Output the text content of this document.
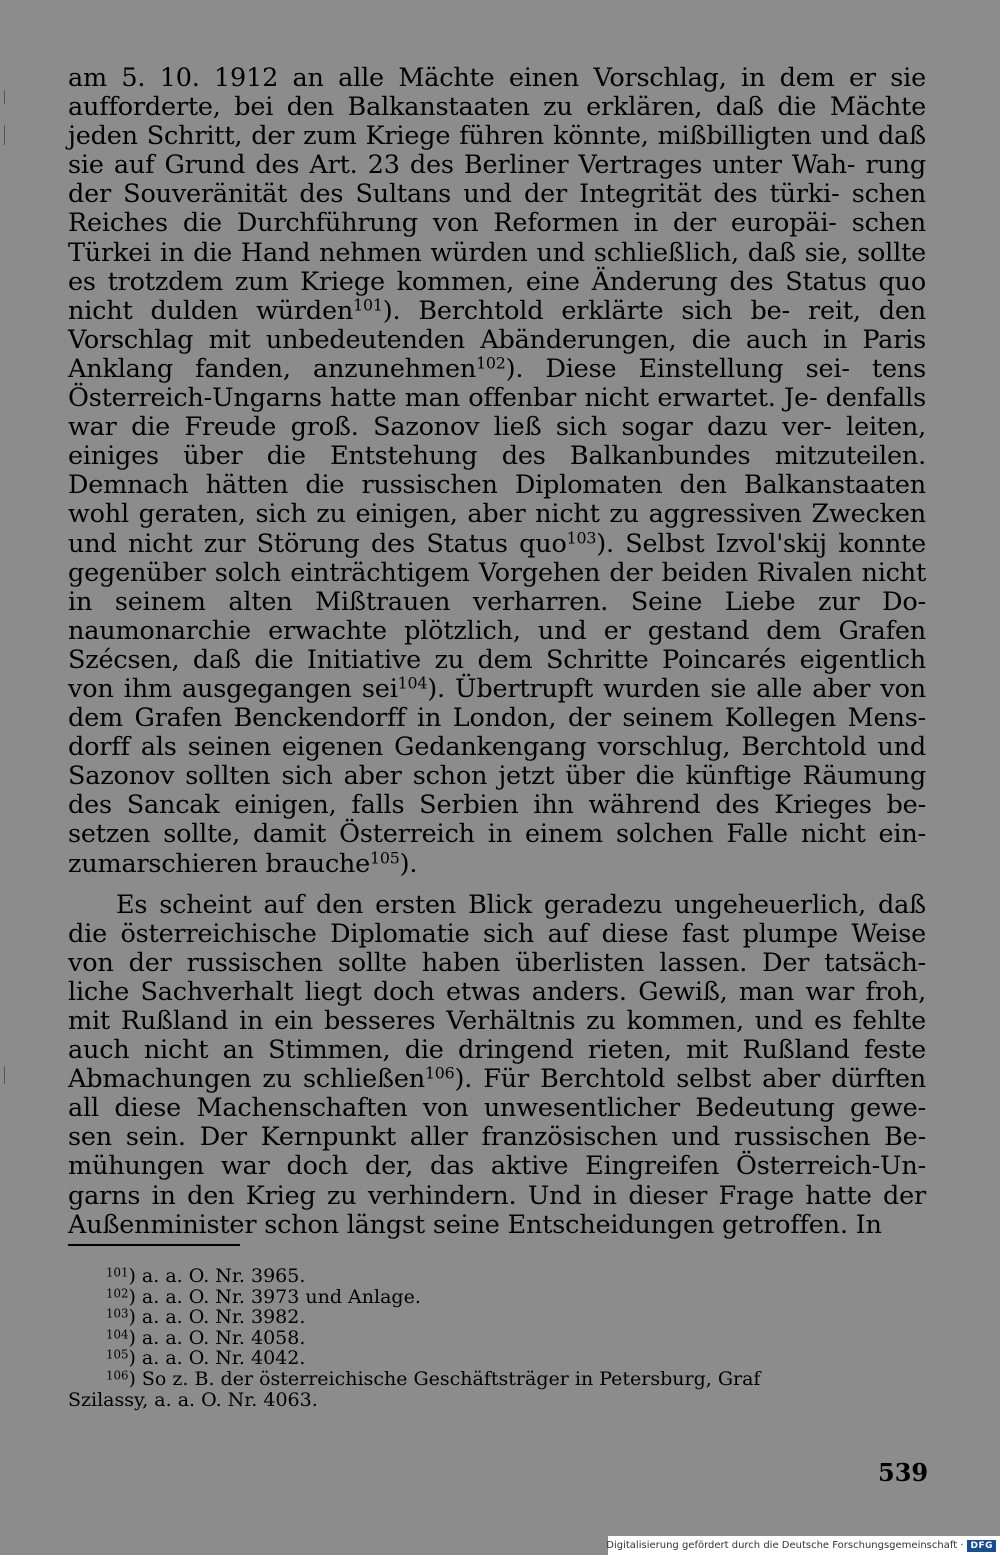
am 5. 10. 1912 an alle Mächte einen Vorschlag, in dem er sie aufforderte, bei den Balkanstaaten zu erklären, daß die Mächte jeden Schritt, der zum Kriege führen könnte, mißbilligten und daß sie auf Grund des Art. 23 des Berliner Vertrages unter Wah- rung der Souveränität des Sultans und der Integrität des türki- schen Reiches die Durchführung von Reformen in der europäi- schen Türkei in die Hand nehmen würden und schließlich, daß sie, sollte es trotzdem zum Kriege kommen, eine Änderung des Status quo nicht dulden würden$^{101}$). Berchtold erklärte sich be- reit, den Vorschlag mit unbedeutenden Abänderungen, die auch in Paris Anklang fanden, anzunehmen$^{102}$). Diese Einstellung sei- tens Österreich-Ungarns hatte man offenbar nicht erwartet. Je- denfalls war die Freude groß. Sazonov ließ sich sogar dazu ver- leiten, einiges über die Entstehung des Balkanbundes mitzuteilen. Demnach hätten die russischen Diplomaten den Balkanstaaten wohl geraten, sich zu einigen, aber nicht zu aggressiven Zwecken und nicht zur Störung des Status quo$^{103}$). Selbst Izvol'skij konnte gegenüber solch einträchtigem Vorgehen der beiden Rivalen nicht in seinem alten Mißtrauen verharren. Seine Liebe zur Do- naumonarchie erwachte plötzlich, und er gestand dem Grafen Szécsen, daß die Initiative zu dem Schritte Poincarés eigentlich von ihm ausgegangen sei$^{104}$). Übertrupft wurden sie alle aber von dem Grafen Benckendorff in London, der seinem Kollegen Mens- dorff als seinen eigenen Gedankengang vorschlug, Berchtold und Sazonov sollten sich aber schon jetzt über die künftige Räumung des Sancak einigen, falls Serbien ihn während des Krieges be- setzen sollte, damit Österreich in einem solchen Falle nicht ein- zumarschieren brauche$^{105}$).

Es scheint auf den ersten Blick geradezu ungeheuerlich, daß die österreichische Diplomatie sich auf diese fast plumpe Weise von der russischen sollte haben überlisten lassen. Der tatsäch- liche Sachverhalt liegt doch etwas anders. Gewiß, man war froh, mit Rußland in ein besseres Verhältnis zu kommen, und es fehlte auch nicht an Stimmen, die dringend rieten, mit Rußland feste Abmachungen zu schließen$^{106}$). Für Berchtold selbst aber dürften all diese Machenschaften von unwesentlicher Bedeutung gewe- sen sein. Der Kernpunkt aller französischen und russischen Be- mühungen war doch der, das aktive Eingreifen Österreich-Un- garns in den Krieg zu verhindern. Und in dieser Frage hatte der Außenminister schon längst seine Entscheidungen getroffen. In

$^{101}$) a. a. O. Nr. 3965.
$^{102}$) a. a. O. Nr. 3973 und Anlage.
$^{103}$) a. a. O. Nr. 3982.
$^{104}$) a. a. O. Nr. 4058.
$^{105}$) a. a. O. Nr. 4042.
$^{106}$) So z. B. der österreichische Geschäftsträger in Petersburg, Graf
Szilassy, a. a. O. Nr. 4063.
539
Digitalisierung gefördert durch die Deutsche Forschungsgemeinschaft · DFG
